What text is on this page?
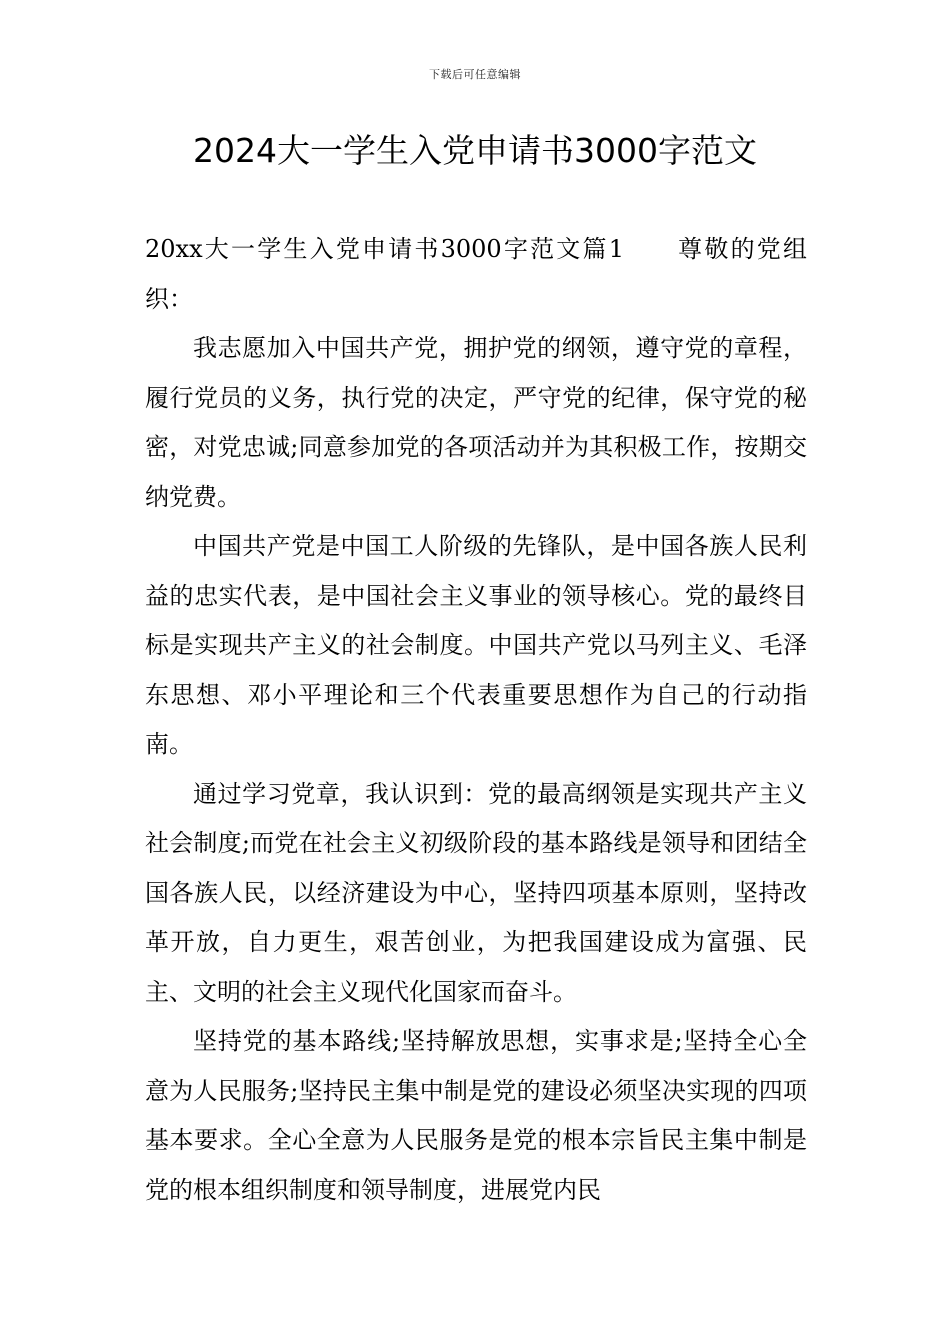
下载后可任意编辑
2024大一学生入党申请书3000字范文

20xx大一学生入党申请书3000字范文篇1 尊敬的党组织：

我志愿加入中国共产党，拥护党的纲领，遵守党的章程，履行党员的义务，执行党的决定，严守党的纪律，保守党的秘密，对党忠诚;同意参加党的各项活动并为其积极工作，按期交纳党费。

中国共产党是中国工人阶级的先锋队，是中国各族人民利益的忠实代表，是中国社会主义事业的领导核心。党的最终目标是实现共产主义的社会制度。中国共产党以马列主义、毛泽东思想、邓小平理论和三个代表重要思想作为自己的行动指南。

通过学习党章，我认识到：党的最高纲领是实现共产主义社会制度;而党在社会主义初级阶段的基本路线是领导和团结全国各族人民，以经济建设为中心，坚持四项基本原则，坚持改革开放，自力更生，艰苦创业，为把我国建设成为富强、民主、文明的社会主义现代化国家而奋斗。

坚持党的基本路线;坚持解放思想，实事求是;坚持全心全意为人民服务;坚持民主集中制是党的建设必须坚决实现的四项基本要求。全心全意为人民服务是党的根本宗旨民主集中制是党的根本组织制度和领导制度，进展党内民
